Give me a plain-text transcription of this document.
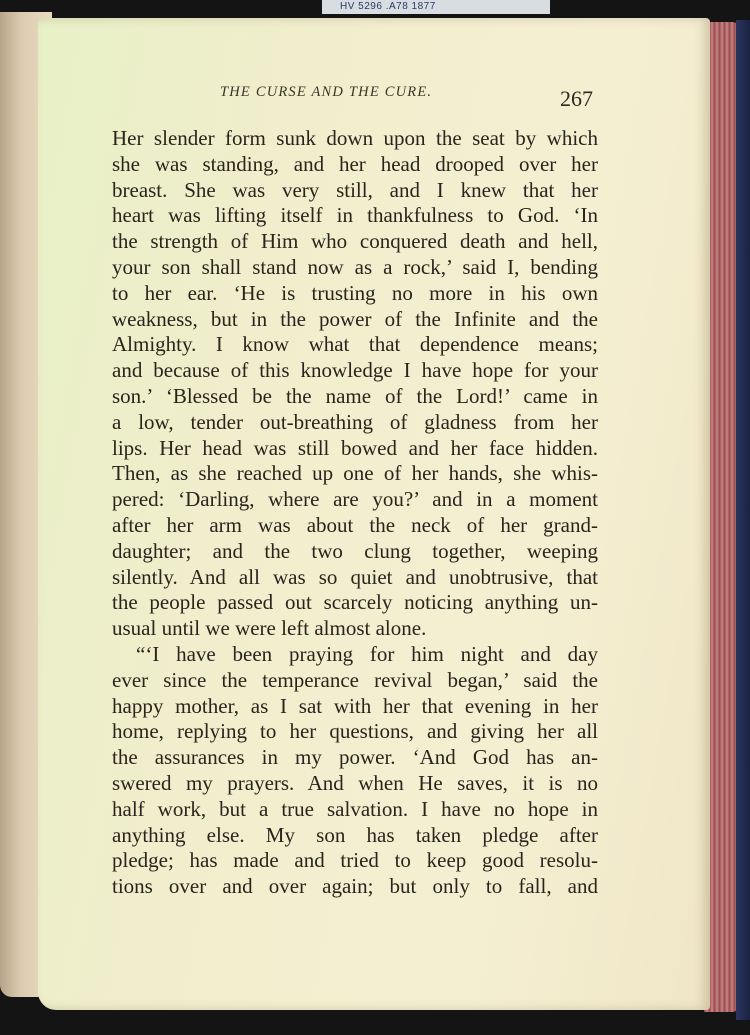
HV 5296 .A78 1877
THE CURSE AND THE CURE.	267
Her slender form sunk down upon the seat by which
she was standing, and her head drooped over her
breast. She was very still, and I knew that her
heart was lifting itself in thankfulness to God. ‘In
the strength of Him who conquered death and hell,
your son shall stand now as a rock,’ said I, bending
to her ear. ‘He is trusting no more in his own
weakness, but in the power of the Infinite and the
Almighty. I know what that dependence means;
and because of this knowledge I have hope for your
son.’ ‘Blessed be the name of the Lord!’ came in
a low, tender out-breathing of gladness from her
lips. Her head was still bowed and her face hidden.
Then, as she reached up one of her hands, she whis-
pered: ‘Darling, where are you?’ and in a moment
after her arm was about the neck of her grand-
daughter; and the two clung together, weeping
silently. And all was so quiet and unobtrusive, that
the people passed out scarcely noticing anything un-
usual until we were left almost alone.
“‘I have been praying for him night and day
ever since the temperance revival began,’ said the
happy mother, as I sat with her that evening in her
home, replying to her questions, and giving her all
the assurances in my power. ‘And God has an-
swered my prayers. And when He saves, it is no
half work, but a true salvation. I have no hope in
anything else. My son has taken pledge after
pledge; has made and tried to keep good resolu-
tions over and over again; but only to fall, and
